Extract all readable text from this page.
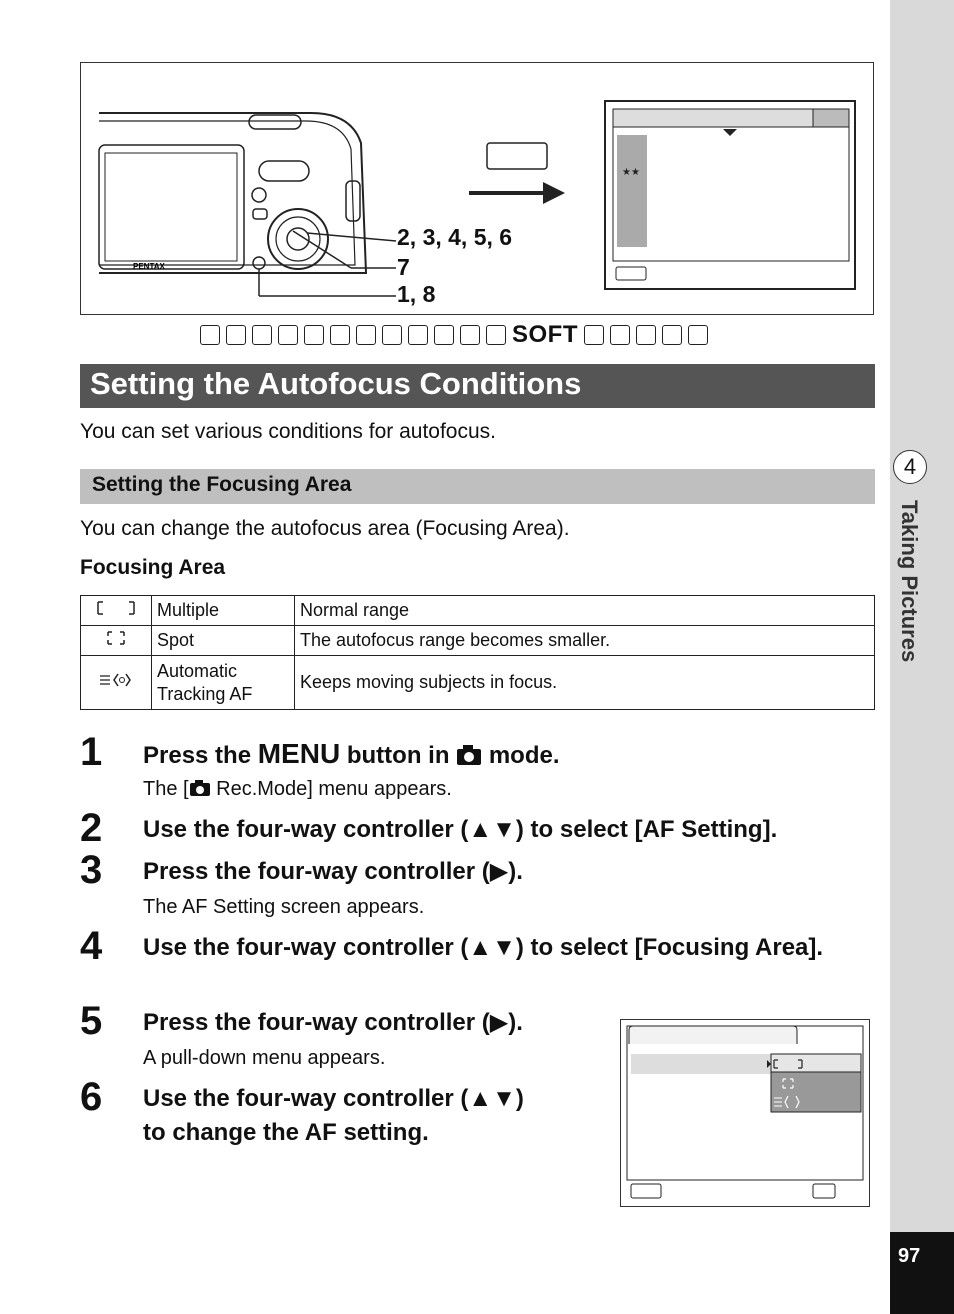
4
Taking Pictures
97
PENTAX
★★
2, 3, 4, 5, 6
7
1, 8
SOFT
Setting the Autofocus Conditions
You can set various conditions for autofocus.
Setting the Focusing Area
You can change the autofocus area (Focusing Area).
Focusing Area
	Multiple	Normal range
	Spot	The autofocus range becomes smaller.
	Automatic
Tracking AF	Keeps moving subjects in focus.
1 Press the MENU button in  mode.
The [ Rec.Mode] menu appears.
2 Use the four-way controller (▲▼) to select [AF Setting].
3 Press the four-way controller (▶).
The AF Setting screen appears.
4 Use the four-way controller (▲▼) to select [Focusing Area].
5 Press the four-way controller (▶).
A pull-down menu appears.
6 Use the four-way controller (▲▼)
to change the AF setting.
